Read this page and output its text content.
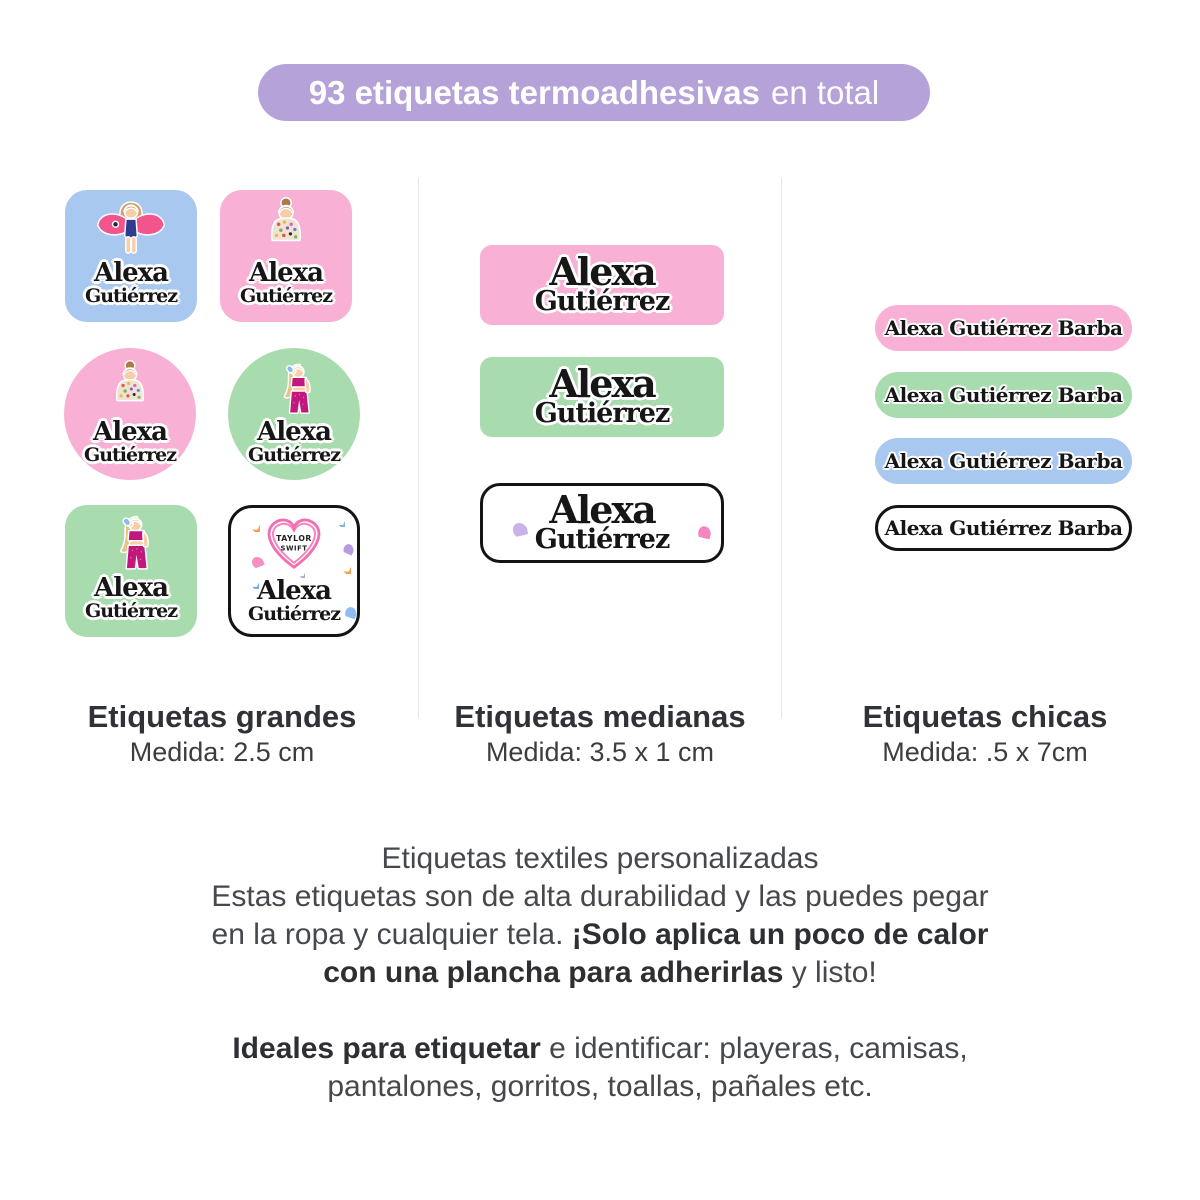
93 etiquetas termoadhesivas en total
Alexa
Gutiérrez
Alexa
Gutiérrez
Alexa
Gutiérrez
Alexa
Gutiérrez
Alexa
Gutiérrez
TAYLOR
SWIFT
Alexa
Gutiérrez
Alexa
Gutiérrez
Alexa
Gutiérrez
Alexa
Gutiérrez
Alexa Gutiérrez Barba
Alexa Gutiérrez Barba
Alexa Gutiérrez Barba
Alexa Gutiérrez Barba
Etiquetas grandes
Medida: 2.5 cm
Etiquetas medianas
Medida: 3.5 x 1 cm
Etiquetas chicas
Medida: .5 x 7cm
Etiquetas textiles personalizadas
Estas etiquetas son de alta durabilidad y las puedes pegar
en la ropa y cualquier tela. ¡Solo aplica un poco de calor
con una plancha para adherirlas y listo!
Ideales para etiquetar e identificar: playeras, camisas,
pantalones, gorritos, toallas, pañales etc.
